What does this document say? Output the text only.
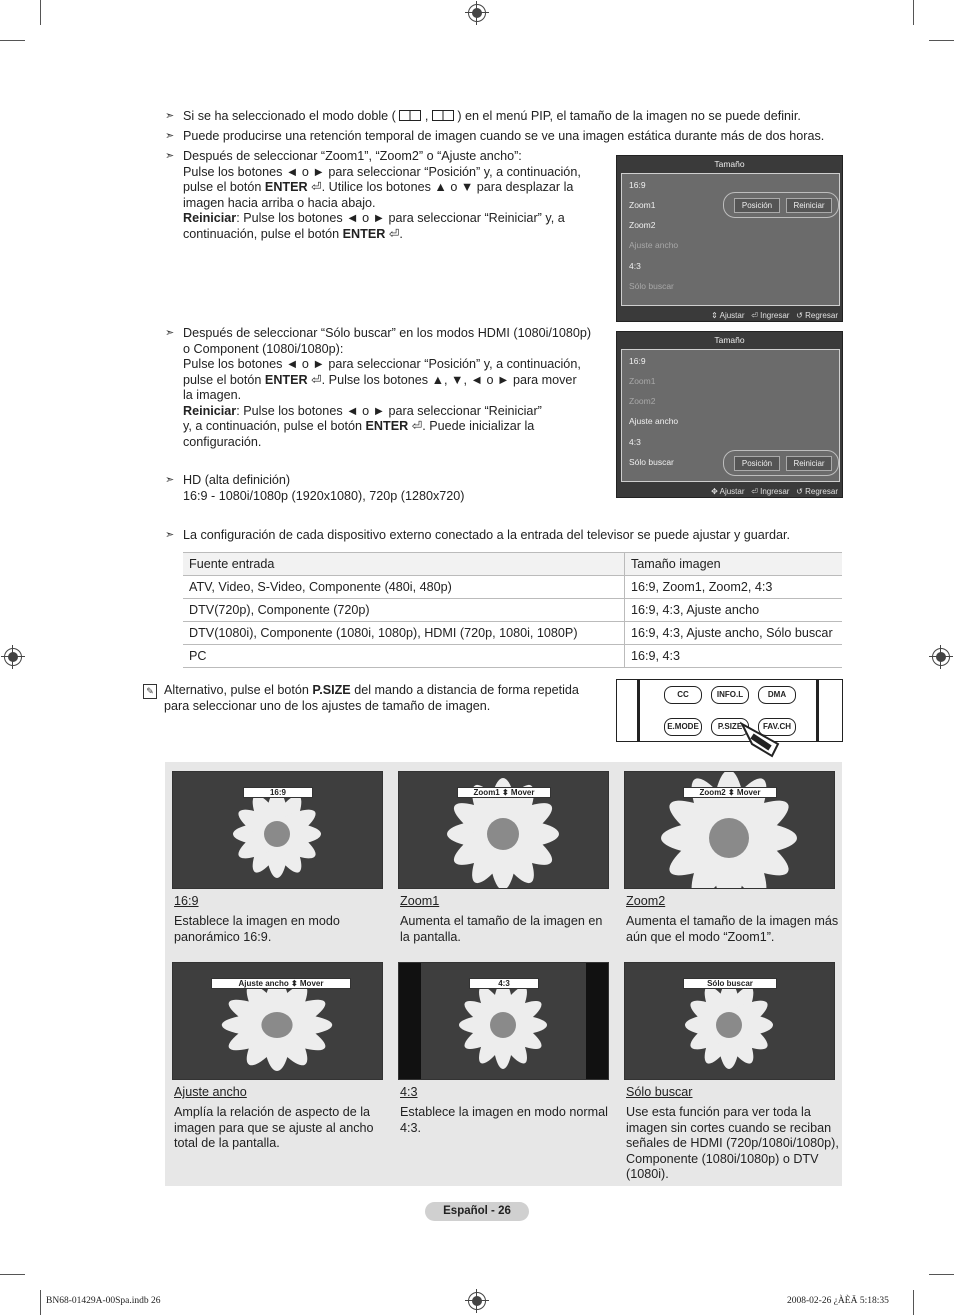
➣ Si se ha seleccionado el modo doble ( , ) en el menú PIP, el tamaño de la imagen no se puede definir.
➣ Puede producirse una retención temporal de imagen cuando se ve una imagen estática durante más de dos horas.
➣ Después de seleccionar “Zoom1”, “Zoom2” o “Ajuste ancho”:
Pulse los botones ◄ o ► para seleccionar “Posición” y, a continuación,
pulse el botón ENTER ⏎. Utilice los botones ▲ o ▼ para desplazar la
imagen hacia arriba o hacia abajo.
Reiniciar: Pulse los botones ◄ o ► para seleccionar “Reiniciar” y, a
continuación, pulse el botón ENTER ⏎.
Tamaño
16:9
Zoom1
Zoom2
Ajuste ancho
4:3
Sólo buscar
Posición	Reiniciar
⇕ Ajustar ⏎ Ingresar ↺ Regresar
➣ Después de seleccionar “Sólo buscar” en los modos HDMI (1080i/1080p)
o Component (1080i/1080p):
Pulse los botones ◄ o ► para seleccionar “Posición” y, a continuación,
pulse el botón ENTER ⏎. Pulse los botones ▲, ▼, ◄ o ► para mover
la imagen.
Reiniciar: Pulse los botones ◄ o ► para seleccionar “Reiniciar”
y, a continuación, pulse el botón ENTER ⏎. Puede inicializar la
configuración.
Tamaño
16:9
Zoom1
Zoom2
Ajuste ancho
4:3
Sólo buscar	Posición	Reiniciar
✥ Ajustar ⏎ Ingresar ↺ Regresar
➣ HD (alta definición)
16:9 - 1080i/1080p (1920x1080), 720p (1280x720)
➣ La configuración de cada dispositivo externo conectado a la entrada del televisor se puede ajustar y guardar.
Fuente entrada	Tamaño imagen
ATV, Video, S-Video, Componente (480i, 480p)	16:9, Zoom1, Zoom2, 4:3
DTV(720p), Componente (720p)	16:9, 4:3, Ajuste ancho
DTV(1080i), Componente (1080i, 1080p), HDMI (720p, 1080i, 1080P)	16:9, 4:3, Ajuste ancho, Sólo buscar
PC	16:9, 4:3
✎ Alternativo, pulse el botón P.SIZE del mando a distancia de forma repetida
para seleccionar uno de los ajustes de tamaño de imagen.
CC	INFO.L	DMA
E.MODE	P.SIZE	FAV.CH
16:9	Zoom1 ⬍ Mover	Zoom2 ⬍ Mover
16:9
Establece la imagen en modo panorámico 16:9.
Zoom1
Aumenta el tamaño de la imagen en la pantalla.
Zoom2
Aumenta el tamaño de la imagen más aún que el modo “Zoom1”.
Ajuste ancho ⬍ Mover	4:3	Sólo buscar
Ajuste ancho
Amplía la relación de aspecto de la imagen para que se ajuste al ancho total de la pantalla.
4:3
Establece la imagen en modo normal 4:3.
Sólo buscar
Use esta función para ver toda la imagen sin cortes cuando se reciban señales de HDMI (720p/1080i/1080p), Componente (1080i/1080p) o DTV (1080i).
Español - 26
BN68-01429A-00Spa.indb 26	2008-02-26 ¿ÀÈÄ 5:18:35
